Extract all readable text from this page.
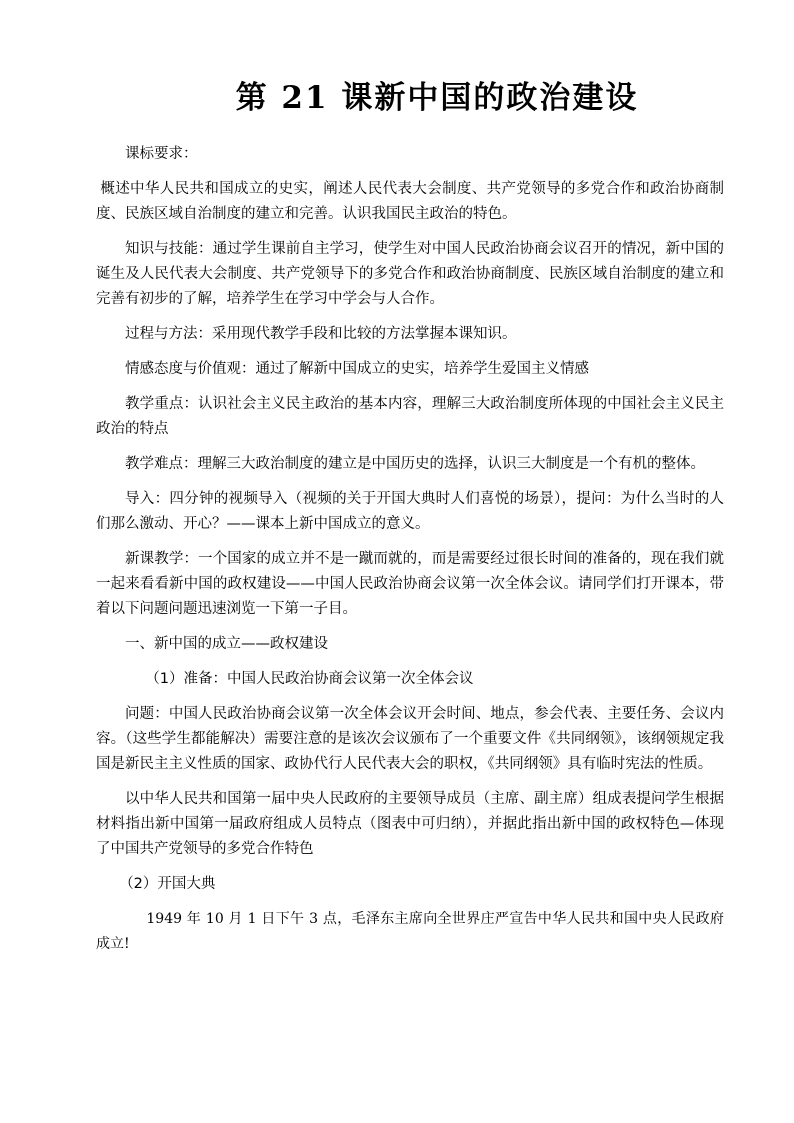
第 21 课新中国的政治建设

课标要求：

概述中华人民共和国成立的史实，阐述人民代表大会制度、共产党领导的多党合作和政治协商制度、民族区域自治制度的建立和完善。认识我国民主政治的特色。

知识与技能：通过学生课前自主学习，使学生对中国人民政治协商会议召开的情况，新中国的诞生及人民代表大会制度、共产党领导下的多党合作和政治协商制度、民族区域自治制度的建立和完善有初步的了解，培养学生在学习中学会与人合作。

过程与方法：采用现代教学手段和比较的方法掌握本课知识。

情感态度与价值观：通过了解新中国成立的史实，培养学生爱国主义情感

教学重点：认识社会主义民主政治的基本内容，理解三大政治制度所体现的中国社会主义民主政治的特点

教学难点：理解三大政治制度的建立是中国历史的选择，认识三大制度是一个有机的整体。

导入：四分钟的视频导入（视频的关于开国大典时人们喜悦的场景），提问：为什么当时的人们那么激动、开心？——课本上新中国成立的意义。

新课教学：一个国家的成立并不是一蹴而就的，而是需要经过很长时间的准备的，现在我们就一起来看看新中国的政权建设——中国人民政治协商会议第一次全体会议。请同学们打开课本，带着以下问题问题迅速浏览一下第一子目。

一、新中国的成立——政权建设

（1）准备：中国人民政治协商会议第一次全体会议

问题：中国人民政治协商会议第一次全体会议开会时间、地点，参会代表、主要任务、会议内容。（这些学生都能解决）需要注意的是该次会议颁布了一个重要文件《共同纲领》，该纲领规定我国是新民主主义性质的国家、政协代行人民代表大会的职权，《共同纲领》具有临时宪法的性质。

以中华人民共和国第一届中央人民政府的主要领导成员（主席、副主席）组成表提问学生根据材料指出新中国第一届政府组成人员特点（图表中可归纳），并据此指出新中国的政权特色—体现了中国共产党领导的多党合作特色

（2）开国大典

1949 年 10 月 1 日下午 3 点，毛泽东主席向全世界庄严宣告中华人民共和国中央人民政府成立!
